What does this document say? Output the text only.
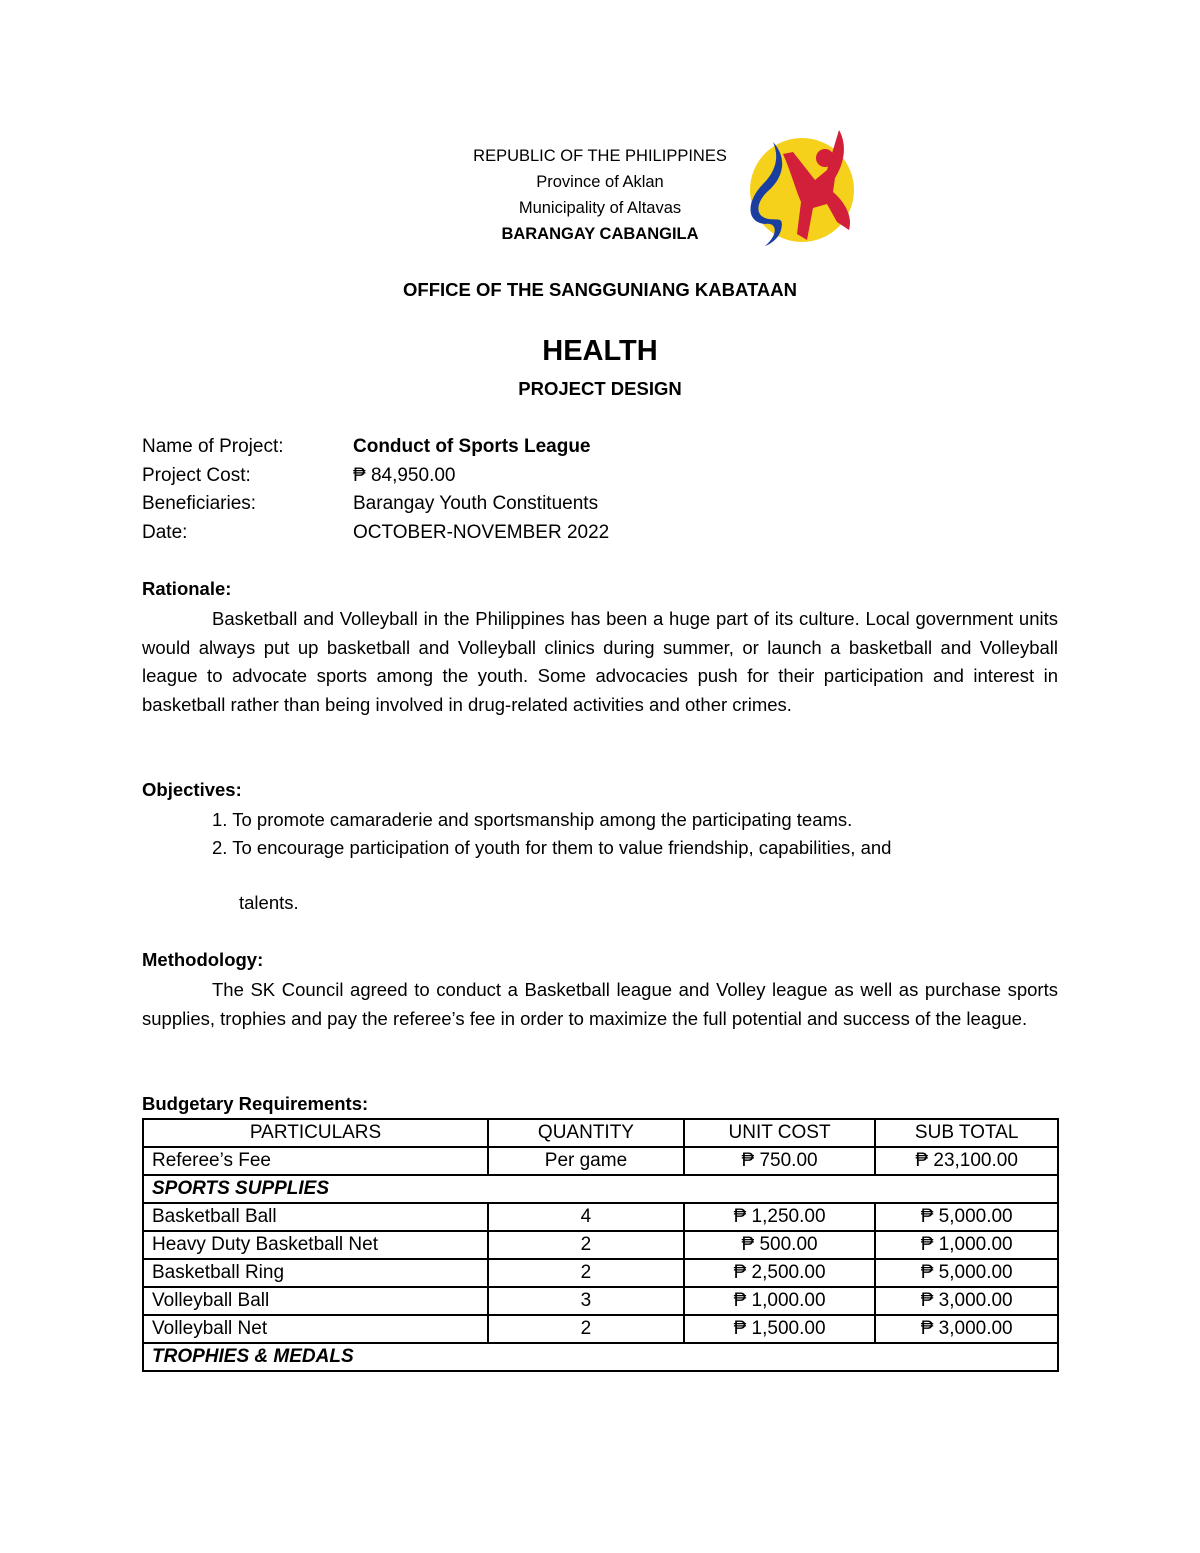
REPUBLIC OF THE PHILIPPINES
Province of Aklan
Municipality of Altavas
BARANGAY CABANGILA
OFFICE OF THE SANGGUNIANG KABATAAN
HEALTH
PROJECT DESIGN
Name of Project:	Conduct of Sports League
Project Cost:	₱ 84,950.00
Beneficiaries:	Barangay Youth Constituents
Date:	OCTOBER-NOVEMBER 2022
Rationale:
Basketball and Volleyball in the Philippines has been a huge part of its culture. Local government units would always put up basketball and Volleyball clinics during summer, or launch a basketball and Volleyball league to advocate sports among the youth. Some advocacies push for their participation and interest in basketball rather than being involved in drug-related activities and other crimes.
Objectives:
1. To promote camaraderie and sportsmanship among the participating teams.
2. To encourage participation of youth for them to value friendship, capabilities, and
talents.
Methodology:
The SK Council agreed to conduct a Basketball league and Volley league as well as purchase sports supplies, trophies and pay the referee’s fee in order to maximize the full potential and success of the league.
Budgetary Requirements:
PARTICULARS	QUANTITY	UNIT COST	SUB TOTAL
Referee’s Fee	Per game	₱ 750.00	₱ 23,100.00
SPORTS SUPPLIES			
Basketball Ball	4	₱ 1,250.00	₱ 5,000.00
Heavy Duty Basketball Net	2	₱ 500.00	₱ 1,000.00
Basketball Ring	2	₱ 2,500.00	₱ 5,000.00
Volleyball Ball	3	₱ 1,000.00	₱ 3,000.00
Volleyball Net	2	₱ 1,500.00	₱ 3,000.00
TROPHIES & MEDALS			
